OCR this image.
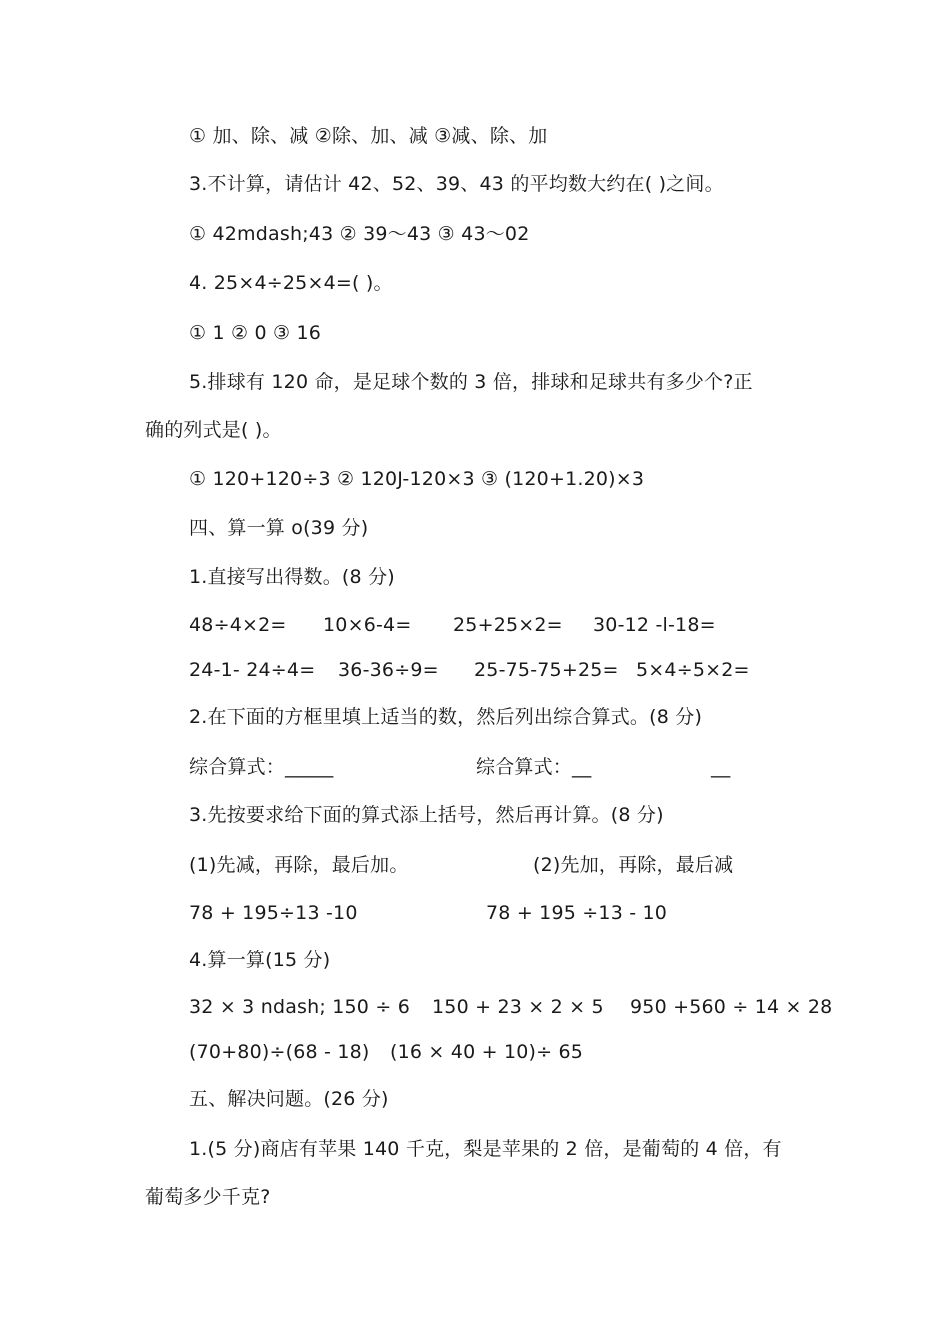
① 加、除、减 ②除、加、减 ③减、除、加
3.不计算，请估计 42、52、39、43 的平均数大约在( )之间。
① 42mdash;43 ② 39～43 ③ 43～02
4. 25×4÷25×4=( )。
① 1 ② 0 ③ 16
5.排球有 120 命，是足球个数的 3 倍，排球和足球共有多少个?正
确的列式是( )。
① 120+120÷3 ② 120J-120×3 ③ (120+1.20)×3
四、算一算 o(39 分)
1.直接写出得数。(8 分)
48÷4×2= 10×6-4= 25+25×2= 30-12 -l-18=
24-1- 24÷4= 36-36÷9= 25-75-75+25= 5×4÷5×2=
2.在下面的方框里填上适当的数，然后列出综合算式。(8 分)
综合算式：_____	综合算式：__	__
3.先按要求给下面的算式添上括号，然后再计算。(8 分)
(1)先减，再除，最后加。	(2)先加，再除，最后减
78 + 195÷13 -10	78 + 195 ÷13 - 10
4.算一算(15 分)
32 × 3 ndash; 150 ÷ 6 150 + 23 × 2 × 5 950 +560 ÷ 14 × 28
(70+80)÷(68 - 18) (16 × 40 + 10)÷ 65
五、解决问题。(26 分)
1.(5 分)商店有苹果 140 千克，梨是苹果的 2 倍，是葡萄的 4 倍，有
葡萄多少千克?
